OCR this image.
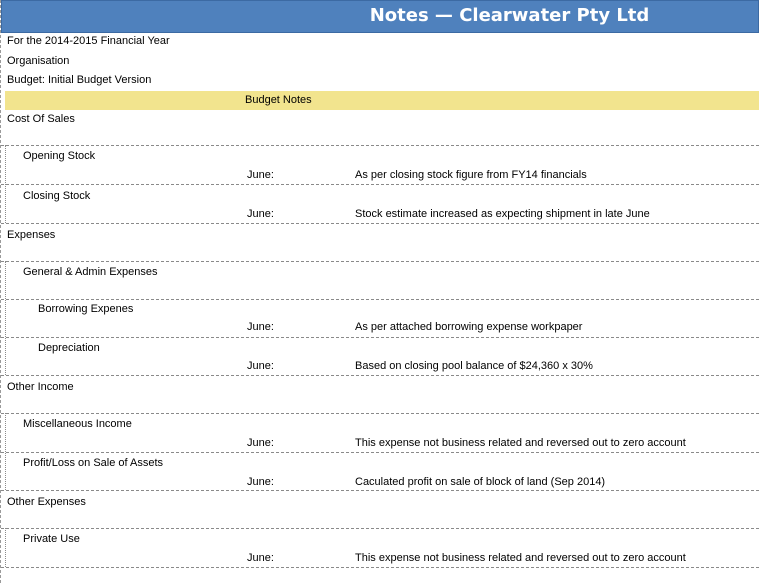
Notes — Clearwater Pty Ltd
For the 2014-2015 Financial Year
Organisation
Budget: Initial Budget Version
Budget Notes
Cost Of Sales
Opening Stock
June:	As per closing stock figure from FY14 financials
Closing Stock
June:	Stock estimate increased as expecting shipment in late June
Expenses
General & Admin Expenses
Borrowing Expenes
June:	As per attached borrowing expense workpaper
Depreciation
June:	Based on closing pool balance of $24,360 x 30%
Other Income
Miscellaneous Income
June:	This expense not business related and reversed out to zero account
Profit/Loss on Sale of Assets
June:	Caculated profit on sale of block of land (Sep 2014)
Other Expenses
Private Use
June:	This expense not business related and reversed out to zero account
